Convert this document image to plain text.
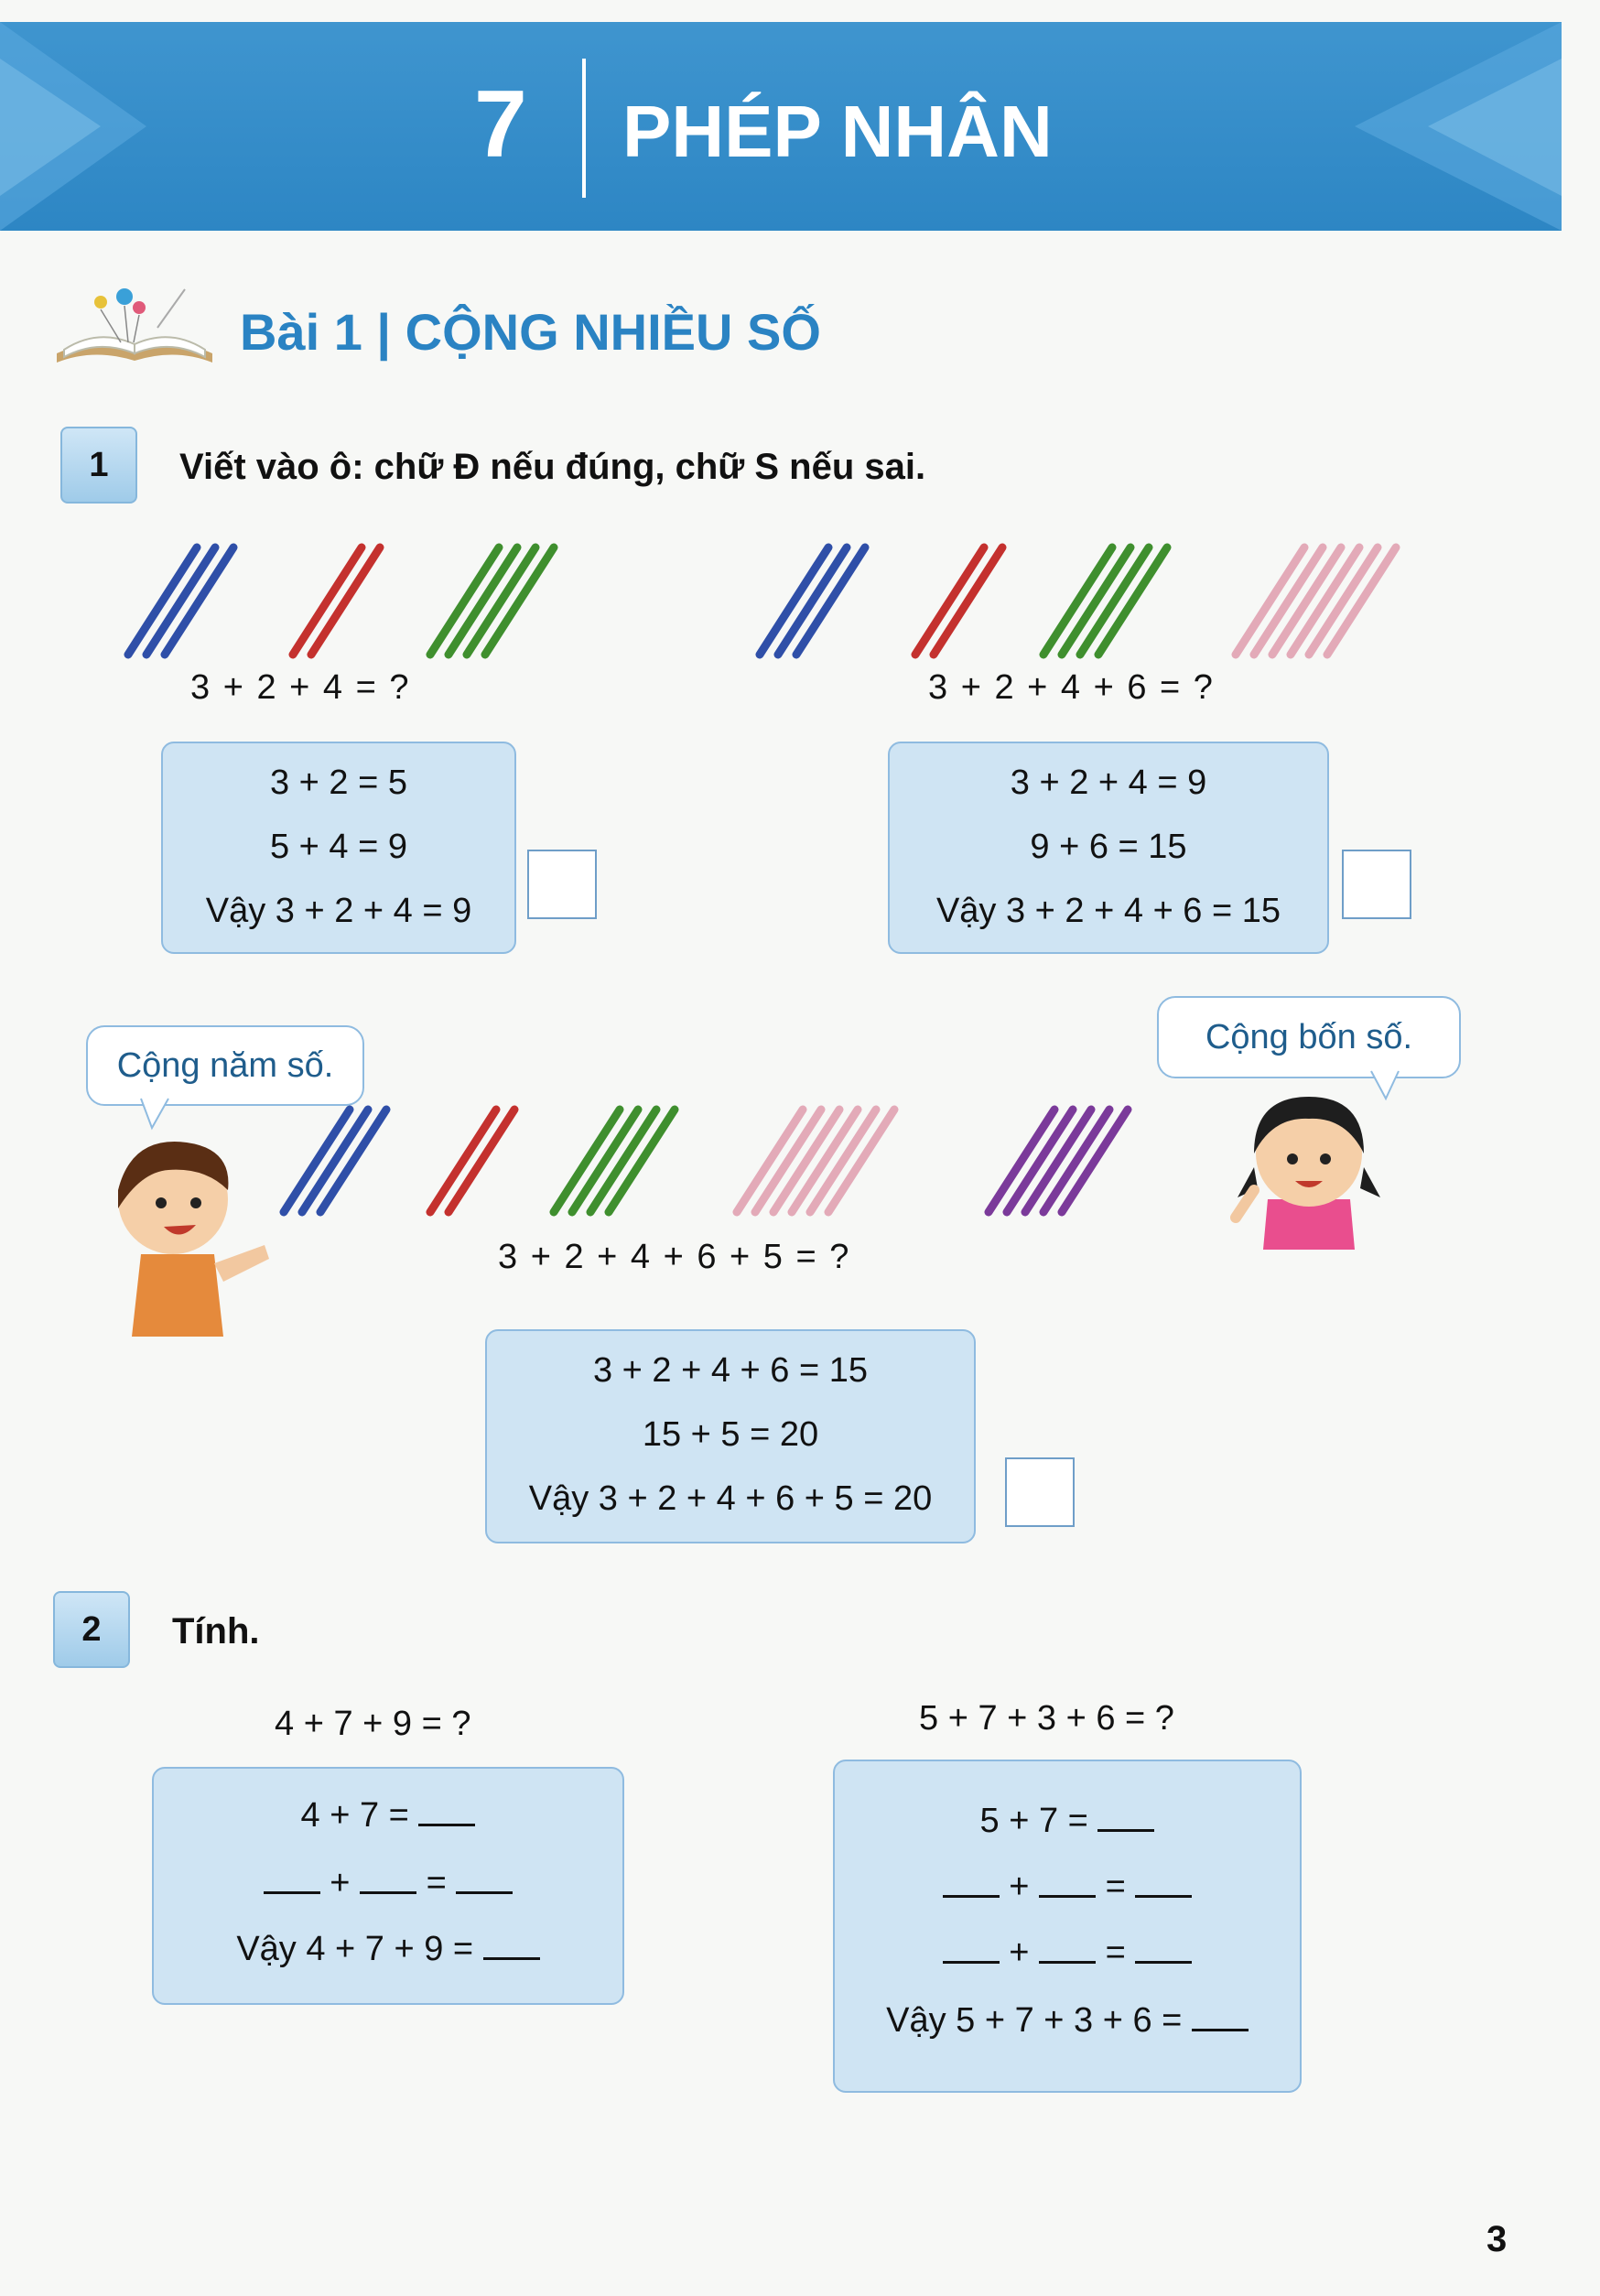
7 PHÉP NHÂN
Bài 1 | CỘNG NHIỀU SỐ
1	Viết vào ô: chữ Đ nếu đúng, chữ S nếu sai.
3 + 2 + 4 = ?	3 + 2 + 4 + 6 = ?
3 + 2 = 5
5 + 4 = 9
Vậy 3 + 2 + 4 = 9
3 + 2 + 4 = 9
9 + 6 = 15
Vậy 3 + 2 + 4 + 6 = 15
Cộng năm số.
Cộng bốn số.
3 + 2 + 4 + 6 + 5 = ?
3 + 2 + 4 + 6 = 15
15 + 5 = 20
Vậy 3 + 2 + 4 + 6 + 5 = 20
2	Tính.
4 + 7 + 9 = ?	5 + 7 + 3 + 6 = ?
4 + 7 =
+ =
Vậy 4 + 7 + 9 =
5 + 7 =
+ =
+ =
Vậy 5 + 7 + 3 + 6 =
3
